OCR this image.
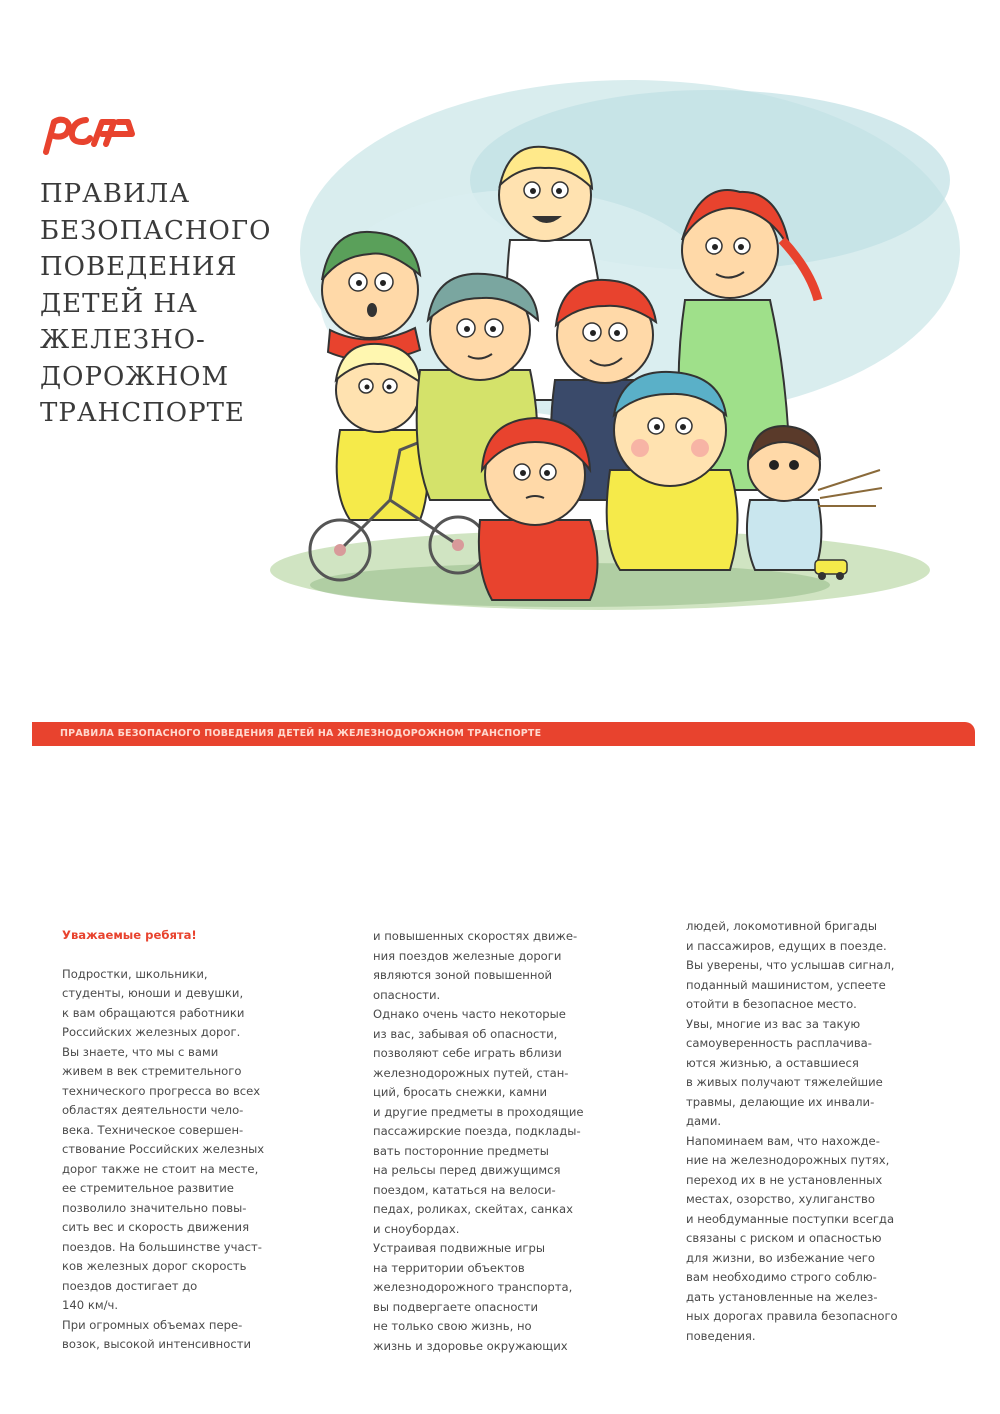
ПРАВИЛА
БЕЗОПАСНОГО
ПОВЕДЕНИЯ
ДЕТЕЙ НА
ЖЕЛЕЗНО-
ДОРОЖНОМ
ТРАНСПОРТЕ
ПРАВИЛА БЕЗОПАСНОГО ПОВЕДЕНИЯ ДЕТЕЙ НА ЖЕЛЕЗНОДОРОЖНОМ ТРАНСПОРТЕ
Уважаемые ребята!
Подростки, школьники,
студенты, юноши и девушки,
к вам обращаются работники
Российских железных дорог.
Вы знаете, что мы с вами
живем в век стремительного
технического прогресса во всех
областях деятельности чело-
века. Техническое совершен-
ствование Российских железных
дорог также не стоит на месте,
ее стремительное развитие
позволило значительно повы-
сить вес и скорость движения
поездов. На большинстве участ-
ков железных дорог скорость
поездов достигает до
140 км/ч.
При огромных объемах пере-
возок, высокой интенсивности
и повышенных скоростях движе-
ния поездов железные дороги
являются зоной повышенной
опасности.
Однако очень часто некоторые
из вас, забывая об опасности,
позволяют себе играть вблизи
железнодорожных путей, стан-
ций, бросать снежки, камни
и другие предметы в проходящие
пассажирские поезда, подклады-
вать посторонние предметы
на рельсы перед движущимся
поездом, кататься на велоси-
педах, роликах, скейтах, санках
и сноубордах.
Устраивая подвижные игры
на территории объектов
железнодорожного транспорта,
вы подвергаете опасности
не только свою жизнь, но
жизнь и здоровье окружающих
людей, локомотивной бригады
и пассажиров, едущих в поезде.
Вы уверены, что услышав сигнал,
поданный машинистом, успеете
отойти в безопасное место.
Увы, многие из вас за такую
самоуверенность расплачива-
ются жизнью, а оставшиеся
в живых получают тяжелейшие
травмы, делающие их инвали-
дами.
Напоминаем вам, что нахожде-
ние на железнодорожных путях,
переход их в не установленных
местах, озорство, хулиганство
и необдуманные поступки всегда
связаны с риском и опасностью
для жизни, во избежание чего
вам необходимо строго соблю-
дать установленные на желез-
ных дорогах правила безопасного
поведения.
